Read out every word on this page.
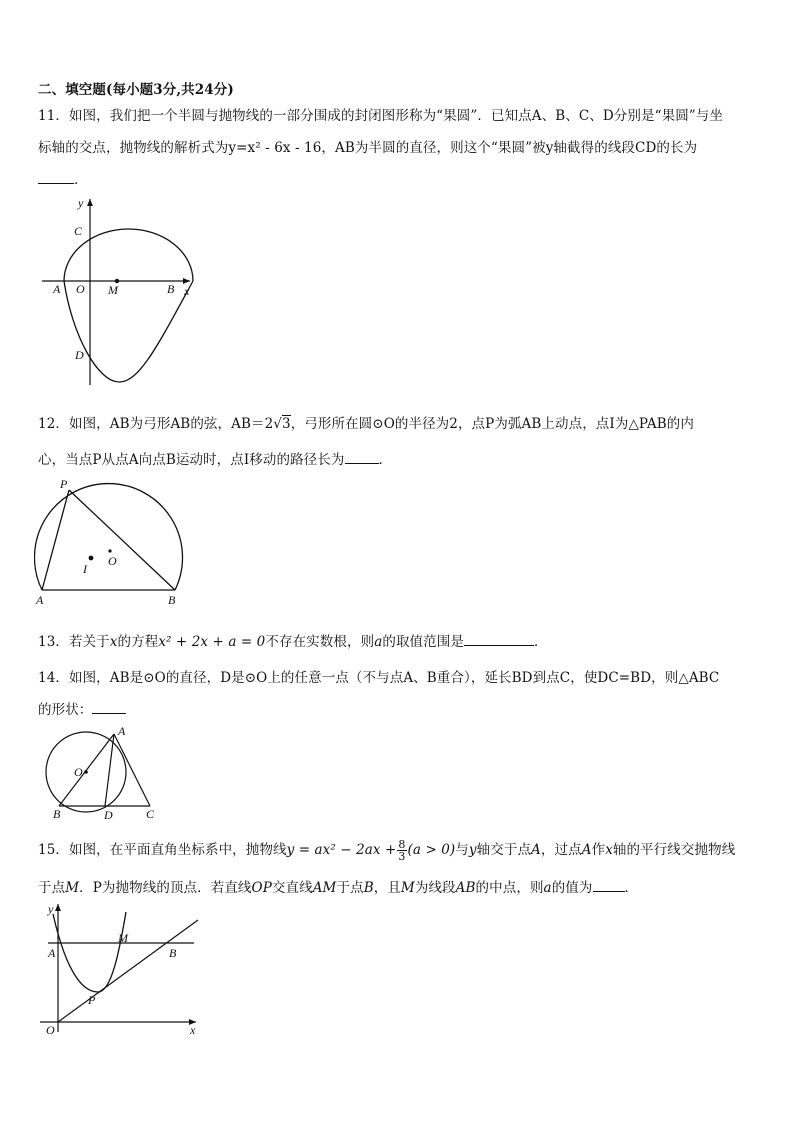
二、填空题(每小题3分,共24分)
11．如图，我们把一个半圆与抛物线的一部分围成的封闭图形称为“果圆”．已知点A、B、C、D分别是“果圆”与坐
标轴的交点，抛物线的解析式为y=x² - 6x - 16，AB为半圆的直径，则这个“果圆”被y轴截得的线段CD的长为
．
y
C
A O M	B x
D
12．如图，AB为弓形AB的弦，AB＝2√3，弓形所在圆⊙O的半径为2，点P为弧AB上动点，点I为△PAB的内
心，当点P从点A向点B运动时，点I移动的路径长为	．
P
I
O
A	B
13．若关于x的方程x² + 2x + a = 0不存在实数根，则a的取值范围是	．
14．如图，AB是⊙O的直径，D是⊙O上的任意一点（不与点A、B重合），延长BD到点C，使DC=BD，则△ABC
的形状：
A
O
B	D	C
15．如图，在平面直角坐标系中，抛物线$y = ax^2 - 2ax + \frac{8}{3} (a > 0)$与y轴交于点A，过点A作x轴的平行线交抛物线
于点M．P为抛物线的顶点．若直线OP交直线AM于点B，且M为线段AB的中点，则a的值为 ．
y
A
M
B
P
O	x
